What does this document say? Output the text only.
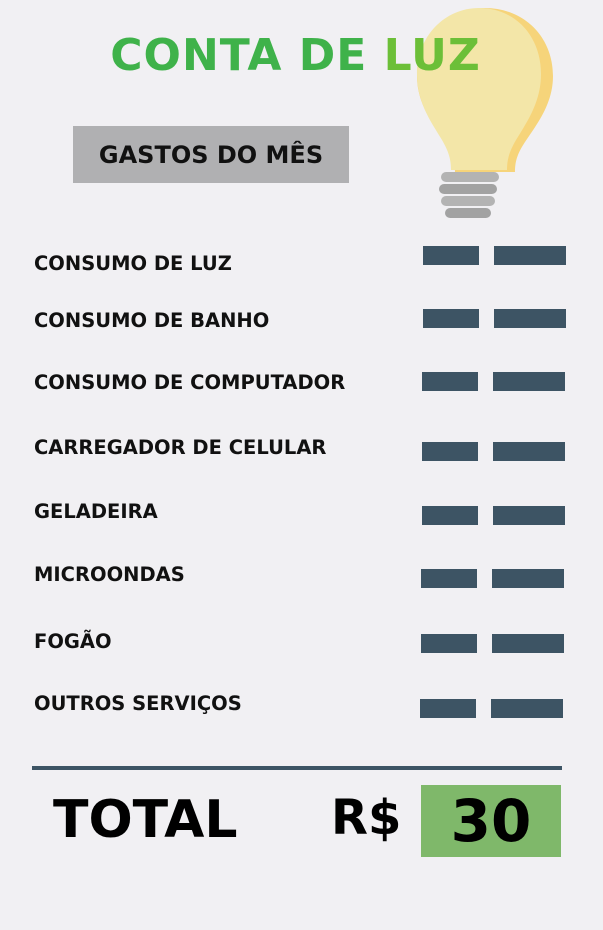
CONTA DE LUZ
GASTOS DO MÊS
CONSUMO DE LUZ
CONSUMO DE BANHO
CONSUMO DE COMPUTADOR
CARREGADOR DE CELULAR
GELADEIRA
MICROONDAS
FOGÃO
OUTROS SERVIÇOS
TOTAL R$ 30
